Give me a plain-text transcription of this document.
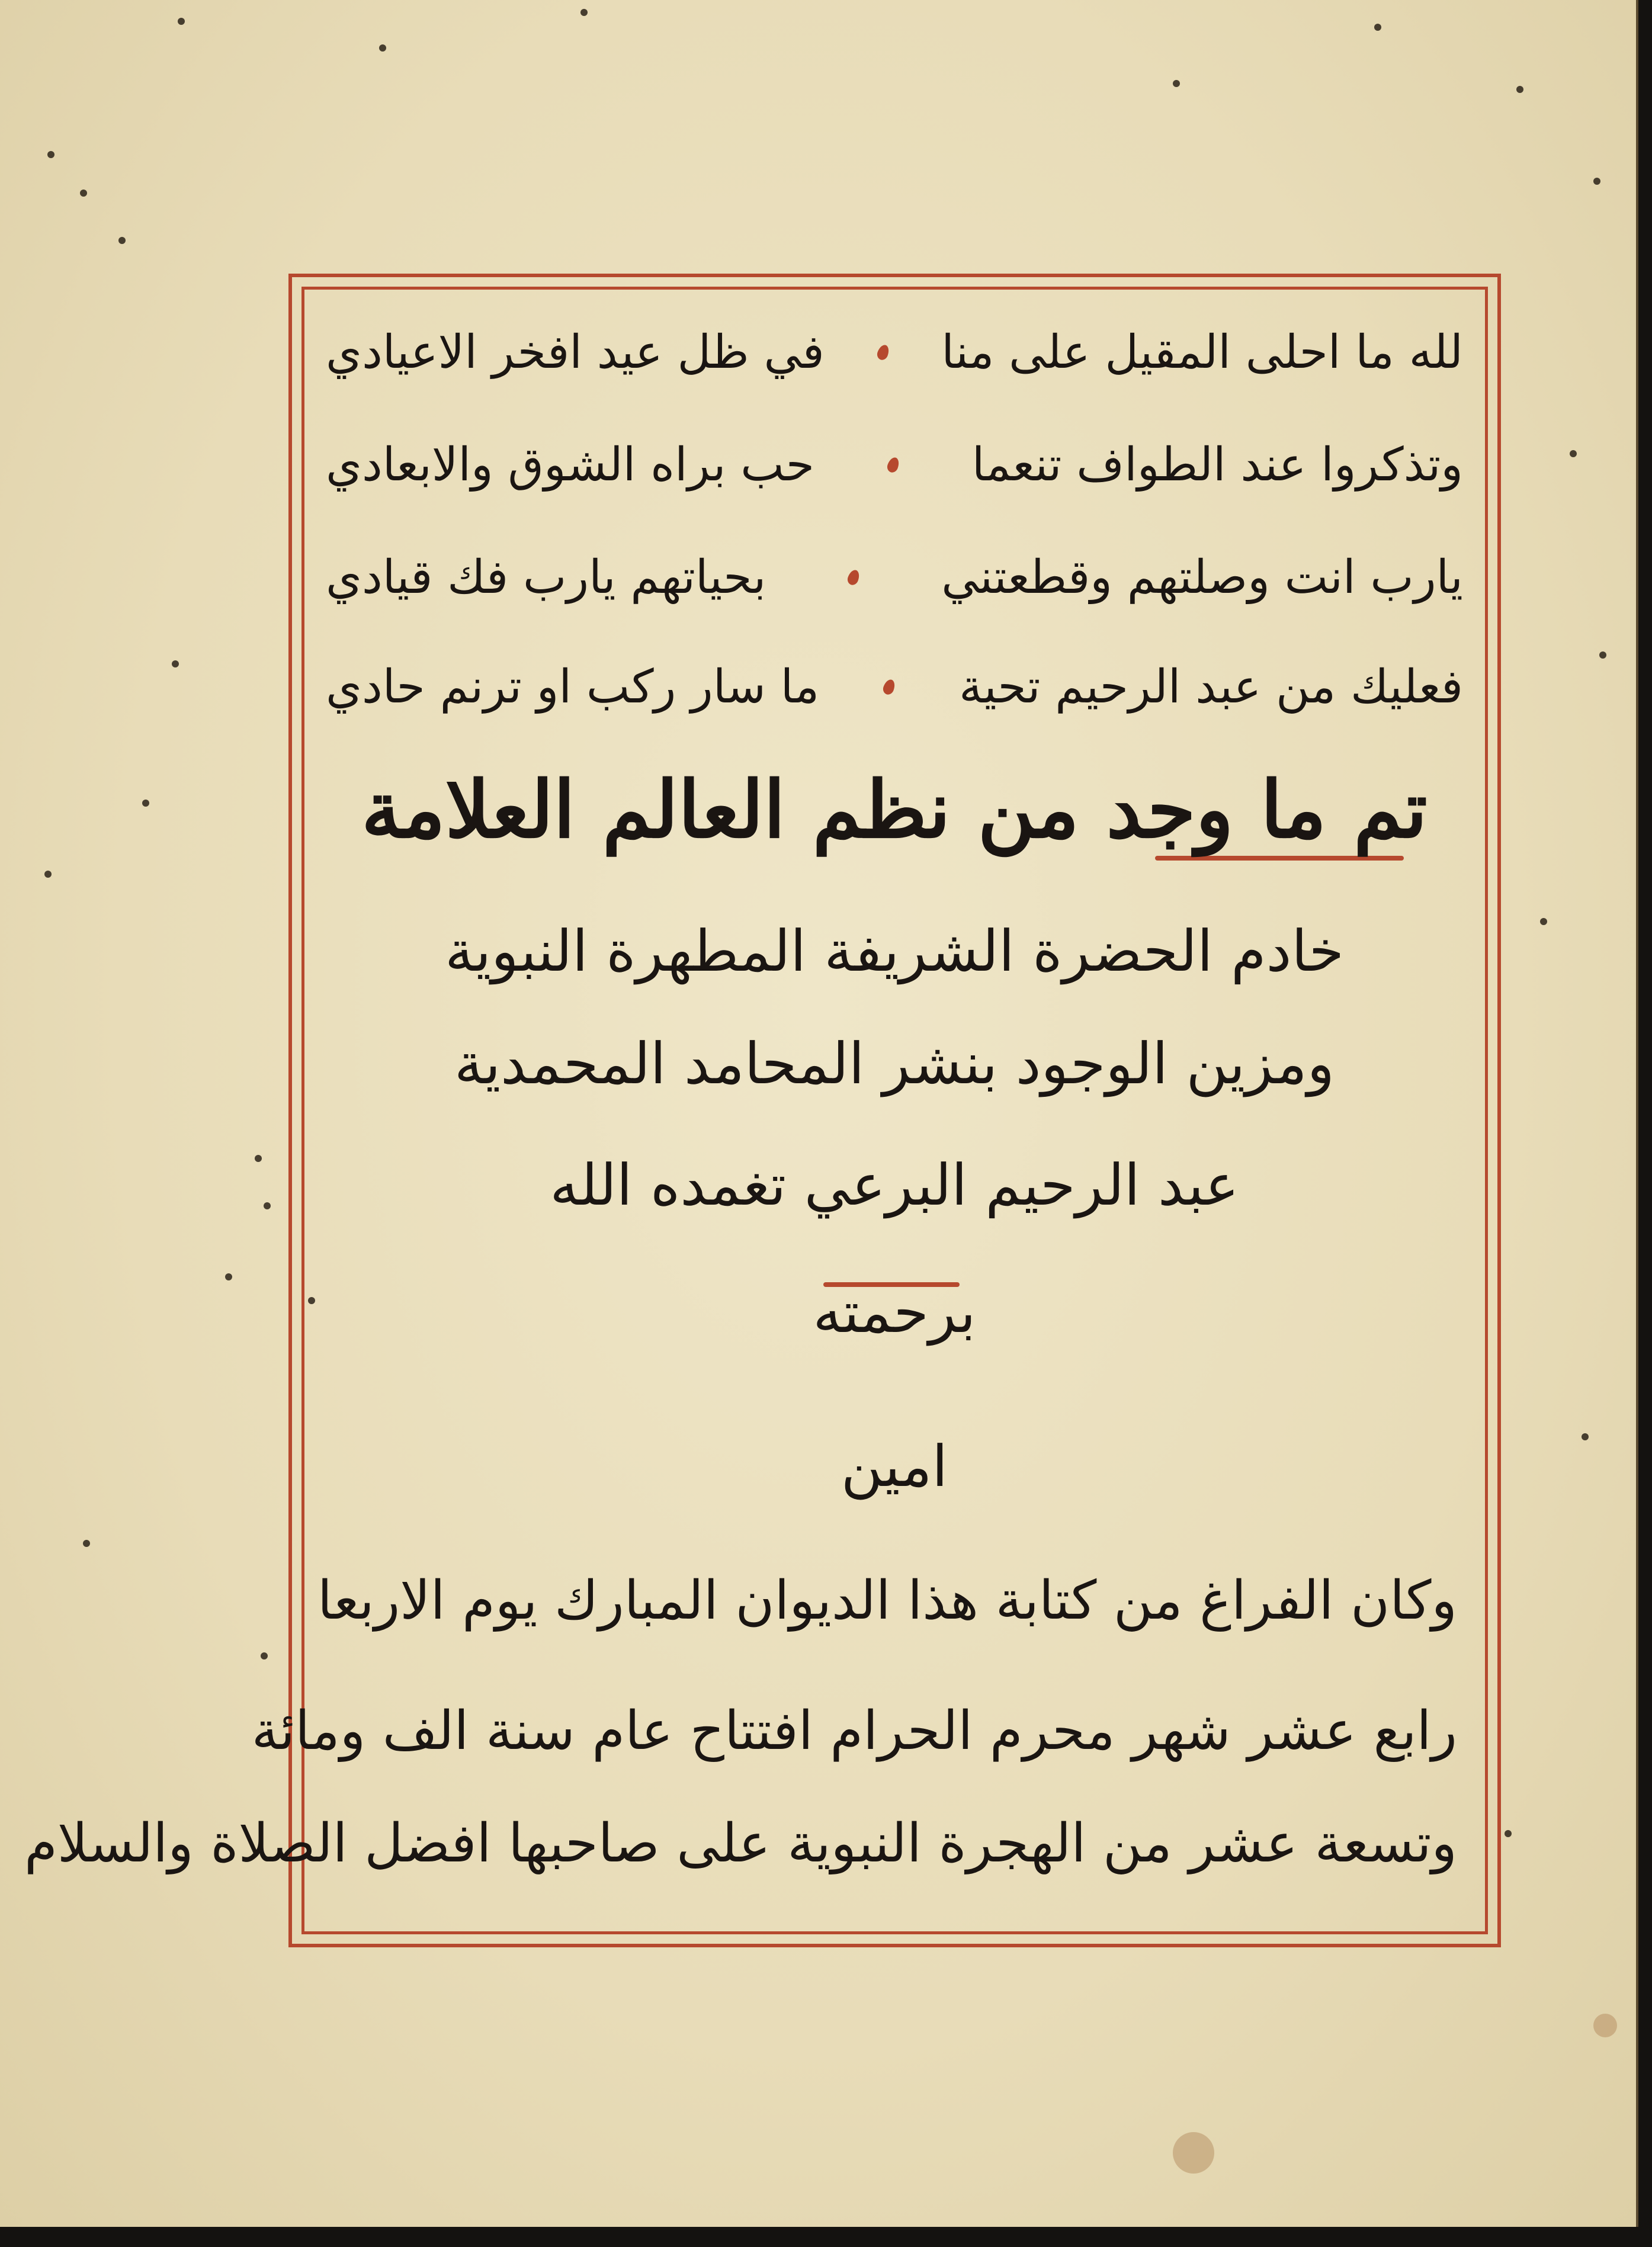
لله ما احلى المقيل على منا
في ظل عيد افخر الاعيادي
وتذكروا عند الطواف تنعما
حب براه الشوق والابعادي
يارب انت وصلتهم وقطعتني
بحياتهم يارب فك قيادي
فعليك من عبد الرحيم تحية
ما سار ركب او ترنم حادي
تم ما وجد من نظم العالم العلامة
خادم الحضرة الشريفة المطهرة النبوية
ومزين الوجود بنشر المحامد المحمدية
عبد الرحيم البرعي تغمده الله
برحمته
امين
وكان الفراغ من كتابة هذا الديوان المبارك يوم الاربعا
رابع عشر شهر محرم الحرام افتتاح عام سنة الف ومائة
وتسعة عشر من الهجرة النبوية على صاحبها افضل الصلاة والسلام
